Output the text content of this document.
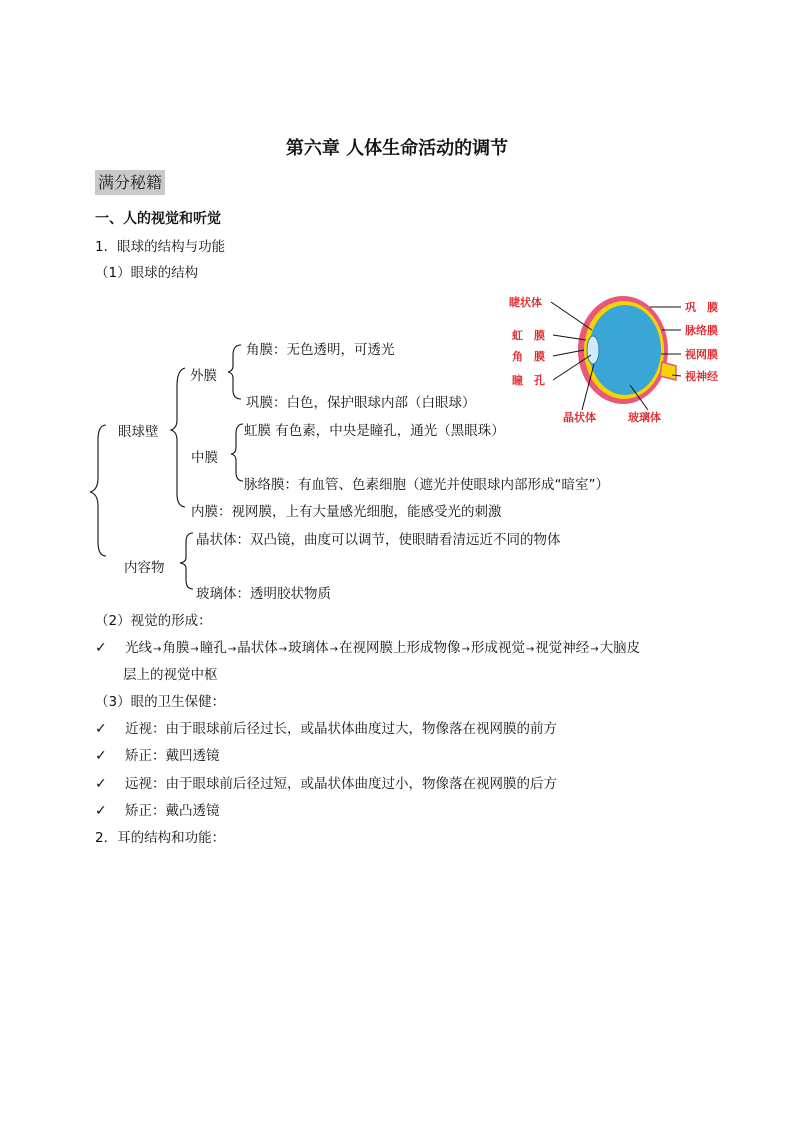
第六章 人体生命活动的调节
满分秘籍
一、人的视觉和听觉
1．眼球的结构与功能
（1）眼球的结构
眼球壁
外膜
角膜：无色透明，可透光
巩膜：白色，保护眼球内部（白眼球）
中膜
虹膜 有色素，中央是瞳孔，通光（黑眼珠）
脉络膜：有血管、色素细胞（遮光并使眼球内部形成“暗室”）
内膜：视网膜，上有大量感光细胞，能感受光的刺激
内容物
晶状体：双凸镜，曲度可以调节，使眼睛看清远近不同的物体
玻璃体：透明胶状物质
睫状体
虹　膜
角　膜
瞳　孔
晶状体	玻璃体
巩　膜
脉络膜
视网膜
视神经
（2）视觉的形成：
✓ 光线→角膜→瞳孔→晶状体→玻璃体→在视网膜上形成物像→形成视觉→视觉神经→大脑皮
层上的视觉中枢
（3）眼的卫生保健：
✓ 近视：由于眼球前后径过长，或晶状体曲度过大，物像落在视网膜的前方
✓ 矫正：戴凹透镜
✓ 远视：由于眼球前后径过短，或晶状体曲度过小，物像落在视网膜的后方
✓ 矫正：戴凸透镜
2．耳的结构和功能：
